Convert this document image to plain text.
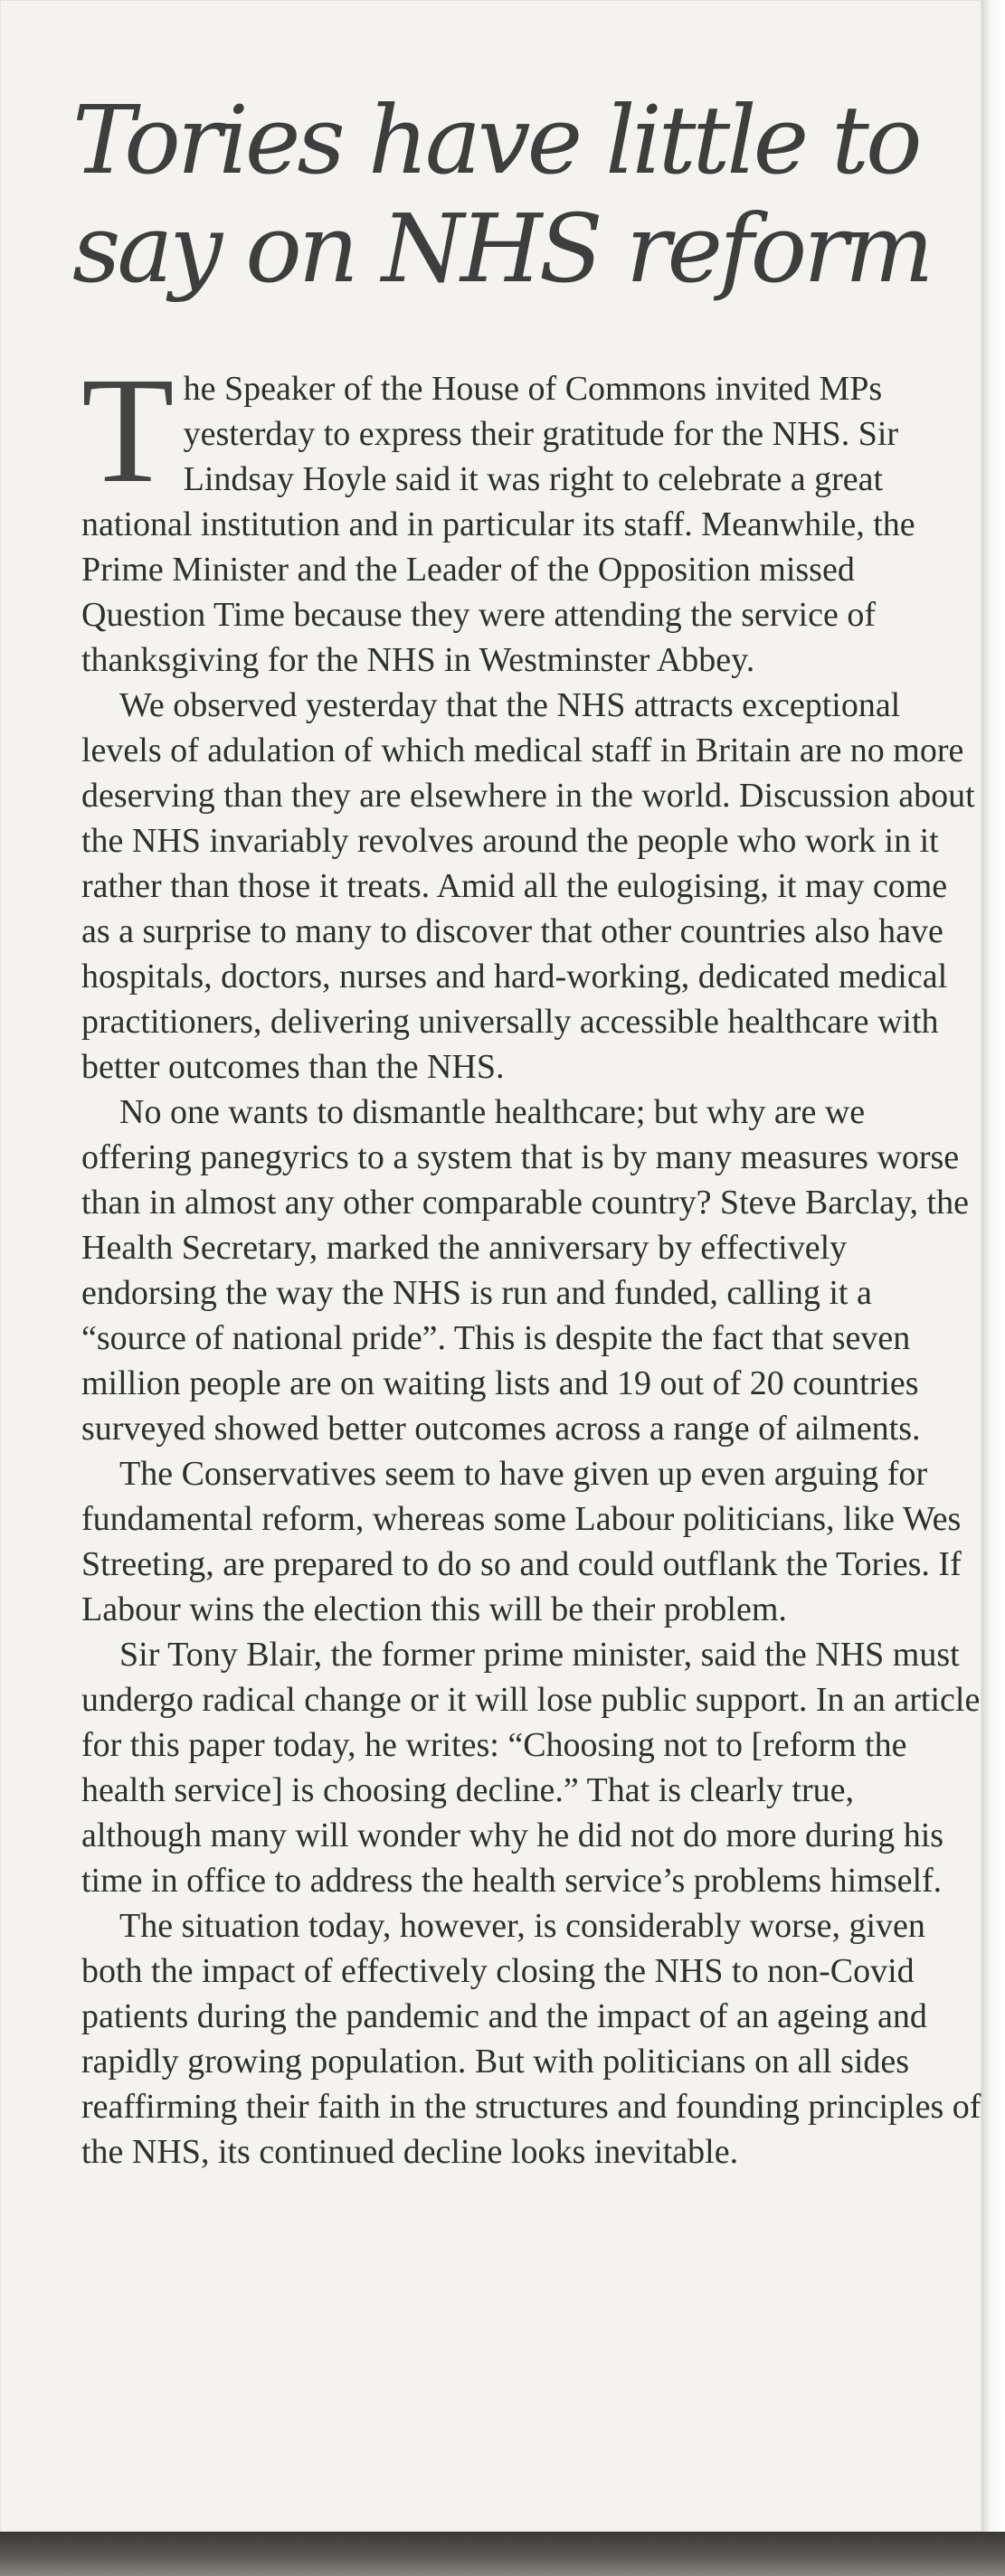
Tories have little to say on NHS reform

The Speaker of the House of Commons invited MPs yesterday to express their gratitude for the NHS. Sir Lindsay Hoyle said it was right to celebrate a great national institution and in particular its staff. Meanwhile, the Prime Minister and the Leader of the Opposition missed Question Time because they were attending the service of thanksgiving for the NHS in Westminster Abbey.

We observed yesterday that the NHS attracts exceptional levels of adulation of which medical staff in Britain are no more deserving than they are elsewhere in the world. Discussion about the NHS invariably revolves around the people who work in it rather than those it treats. Amid all the eulogising, it may come as a surprise to many to discover that other countries also have hospitals, doctors, nurses and hard-working, dedicated medical practitioners, delivering universally accessible healthcare with better outcomes than the NHS.

No one wants to dismantle healthcare; but why are we offering panegyrics to a system that is by many measures worse than in almost any other comparable country? Steve Barclay, the Health Secretary, marked the anniversary by effectively endorsing the way the NHS is run and funded, calling it a “source of national pride”. This is despite the fact that seven million people are on waiting lists and 19 out of 20 countries surveyed showed better outcomes across a range of ailments.

The Conservatives seem to have given up even arguing for fundamental reform, whereas some Labour politicians, like Wes Streeting, are prepared to do so and could outflank the Tories. If Labour wins the election this will be their problem.

Sir Tony Blair, the former prime minister, said the NHS must undergo radical change or it will lose public support. In an article for this paper today, he writes: “Choosing not to [reform the health service] is choosing decline.” That is clearly true, although many will wonder why he did not do more during his time in office to address the health service’s problems himself.

The situation today, however, is considerably worse, given both the impact of effectively closing the NHS to non-Covid patients during the pandemic and the impact of an ageing and rapidly growing population. But with politicians on all sides reaffirming their faith in the structures and founding principles of the NHS, its continued decline looks inevitable.
